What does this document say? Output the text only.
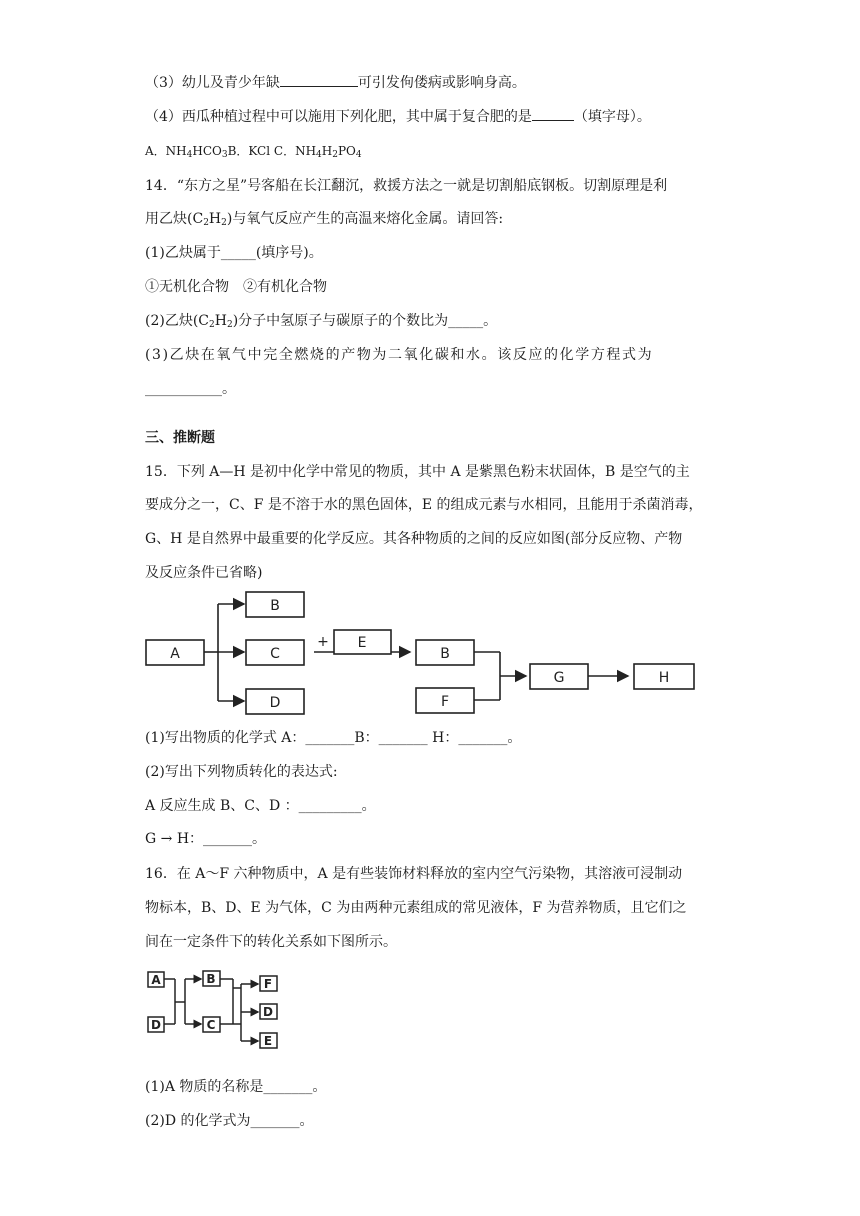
（3）幼儿及青少年缺	可引发佝偻病或影响身高。
（4）西瓜种植过程中可以施用下列化肥，其中属于复合肥的是	（填字母）。
A．$NH_4HCO_3B$．KCl C．$NH_4H_2PO_4$
14．“东方之星”号客船在长江翻沉，救援方法之一就是切割船底钢板。切割原理是利
用乙炔$(C_2H_2)$与氧气反应产生的高温来熔化金属。请回答:
(1)乙炔属于_____(填序号)。
①无机化合物　②有机化合物
(2)乙炔$(C_2H_2)$分子中氢原子与碳原子的个数比为_____。
(3)乙炔在氧气中完全燃烧的产物为二氧化碳和水。该反应的化学方程式为
___________。
三、推断题
15．下列 A—H 是初中化学中常见的物质，其中 A 是紫黑色粉末状固体，B 是空气的主
要成分之一，C、F 是不溶于水的黑色固体，E 的组成元素与水相同，且能用于杀菌消毒，
G、H 是自然界中最重要的化学反应。其各种物质的之间的反应如图(部分反应物、产物
及反应条件已省略)
A
B
C
D
+ E
B
F
G	H
(1)写出物质的化学式 A：_______B：_______ H：_______。
(2)写出下列物质转化的表达式:
A 反应生成 B、C、D ：_________。
G → H：_______。
16．在 A～F 六种物质中，A 是有些装饰材料释放的室内空气污染物，其溶液可浸制动
物标本，B、D、E 为气体，C 为由两种元素组成的常见液体，F 为营养物质，且它们之
间在一定条件下的转化关系如下图所示。
A
D
B
C
F
D
E
(1)A 物质的名称是_______。
(2)D 的化学式为_______。
